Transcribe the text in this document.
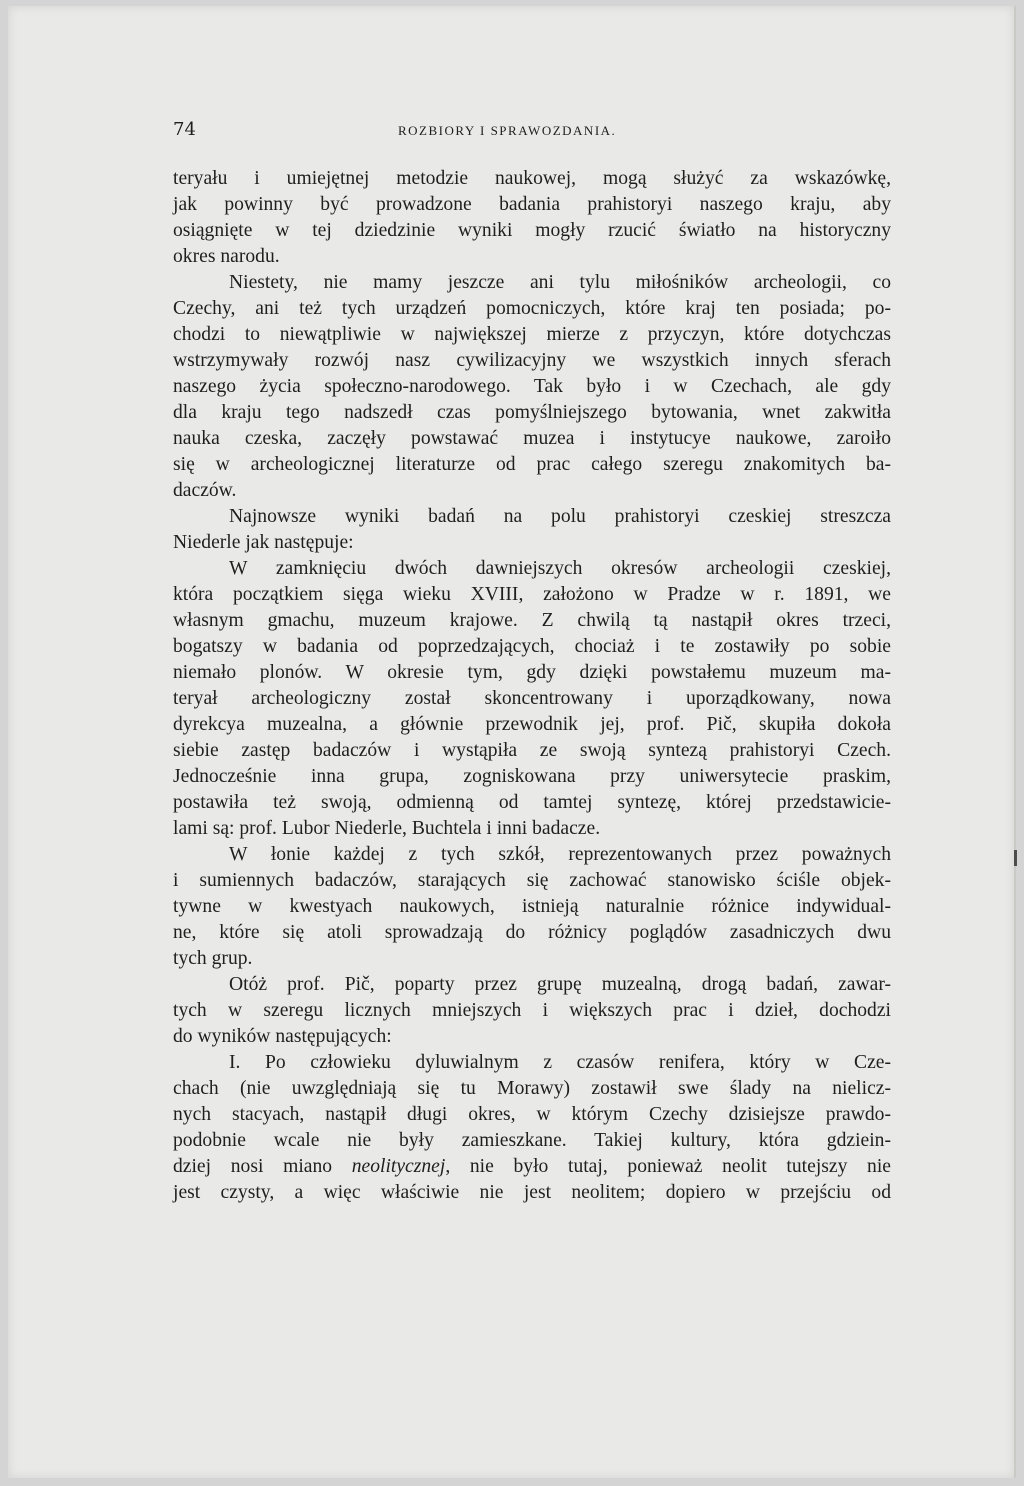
74	ROZBIORY I SPRAWOZDANIA.
teryału i umiejętnej metodzie naukowej, mogą służyć za wskazówkę,
jak powinny być prowadzone badania prahistoryi naszego kraju, aby
osiągnięte w tej dziedzinie wyniki mogły rzucić światło na historyczny
okres narodu.
Niestety, nie mamy jeszcze ani tylu miłośników archeologii, co
Czechy, ani też tych urządzeń pomocniczych, które kraj ten posiada; po-
chodzi to niewątpliwie w największej mierze z przyczyn, które dotychczas
wstrzymywały rozwój nasz cywilizacyjny we wszystkich innych sferach
naszego życia społeczno-narodowego. Tak było i w Czechach, ale gdy
dla kraju tego nadszedł czas pomyślniejszego bytowania, wnet zakwitła
nauka czeska, zaczęły powstawać muzea i instytucye naukowe, zaroiło
się w archeologicznej literaturze od prac całego szeregu znakomitych ba-
daczów.
Najnowsze wyniki badań na polu prahistoryi czeskiej streszcza
Niederle jak następuje:
W zamknięciu dwóch dawniejszych okresów archeologii czeskiej,
która początkiem sięga wieku XVIII, założono w Pradze w r. 1891, we
własnym gmachu, muzeum krajowe. Z chwilą tą nastąpił okres trzeci,
bogatszy w badania od poprzedzających, chociaż i te zostawiły po sobie
niemało plonów. W okresie tym, gdy dzięki powstałemu muzeum ma-
teryał archeologiczny został skoncentrowany i uporządkowany, nowa
dyrekcya muzealna, a głównie przewodnik jej, prof. Pič, skupiła dokoła
siebie zastęp badaczów i wystąpiła ze swoją syntezą prahistoryi Czech.
Jednocześnie inna grupa, zogniskowana przy uniwersytecie praskim,
postawiła też swoją, odmienną od tamtej syntezę, której przedstawicie-
lami są: prof. Lubor Niederle, Buchtela i inni badacze.
W łonie każdej z tych szkół, reprezentowanych przez poważnych
i sumiennych badaczów, starających się zachować stanowisko ściśle objek-
tywne w kwestyach naukowych, istnieją naturalnie różnice indywidual-
ne, które się atoli sprowadzają do różnicy poglądów zasadniczych dwu
tych grup.
Otóż prof. Pič, poparty przez grupę muzealną, drogą badań, zawar-
tych w szeregu licznych mniejszych i większych prac i dzieł, dochodzi
do wyników następujących:
I. Po człowieku dyluwialnym z czasów renifera, który w Cze-
chach (nie uwzględniają się tu Morawy) zostawił swe ślady na nielicz-
nych stacyach, nastąpił długi okres, w którym Czechy dzisiejsze prawdo-
podobnie wcale nie były zamieszkane. Takiej kultury, która gdziein-
dziej nosi miano neolitycznej, nie było tutaj, ponieważ neolit tutejszy nie
jest czysty, a więc właściwie nie jest neolitem; dopiero w przejściu od
